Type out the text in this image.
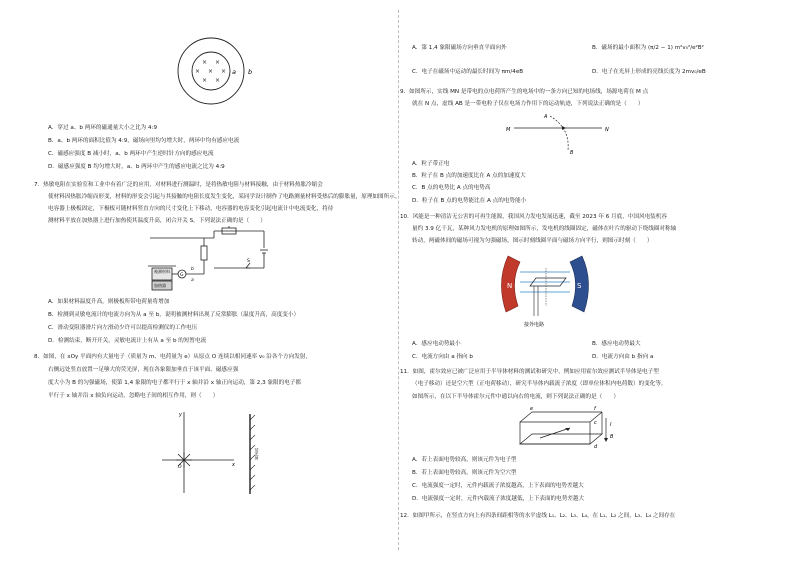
× ×
× × ×
× ×
a b
A．穿过 a、b 两环的磁通量大小之比为 4:9
B．a、b 两环的面积比值为 4:9，磁场向里均匀增大时，两环中均有感应电流
C．磁感应强度 B 减小时，a、b 两环中产生逆时针方向的感应电流
D．磁感应强度 B 均匀增大时，a、b 两环中产生的感应电流之比为 4:9
7．热敏电阻在实验室和工业中有着广泛的应用，对材料进行测温时，是将热敏电阻与材料接触，由于材料热胀冷缩会
使材料因热胀冷缩而形变，材料的形变会引起与其接触的电阻长度发生变化，某同学设计制作了电路测量材料受热后的膨胀量，原理如图所示。
电容器上极板固定，下极板可随材料竖直方向的尺寸变化上下移动，电容器的电容变化引起电流计中电流变化，将待
测材料平放在加热器上进行加热使其温度升高，闭合开关 S，下列说法正确的是（　　）
被测材料
加热器
G
a
b
S
A．如果材料温度升高，则极板所带电荷量将增加
B．检测到灵敏电流计的电流方向为从 a 至 b，说明被测材料出现了反常膨胀（温度升高，高度变小）
C．滑动变阻器滑片向左滑动少许可以提高检测仪的工作电压
D．检测结束，断开开关，灵敏电流计上有从 a 至 b 的短暂电流
8．如图，在 xOy 平面内有大量电子（质量为 m、电荷量为 e）从原点 O 连续以相同速率 v₀ 沿各个方向发射，
右侧远处竖直放置一足够大的荧光屏，现在各象限加垂直于该平面、磁感应强
度大小为 B 的匀强磁场，使第 1,4 象限的电子都平行于 x 轴并沿 x 轴正向运动，第 2,3 象限的电子都
平行于 x 轴并沿 x 轴负向运动，忽略电子间的相互作用，则（　　）
y
x
O
荧光屏
A．第 1,4 象限磁场方向垂直平面向外	B．磁场的最小面积为 (π/2 − 1) m²v₀²/e²B²
C．电子在磁场中运动的最长时间为 πm/4eB	D．电子在光屏上形成的亮线长度为 2mv₀/eB
9．如图所示，实线 MN 是带电的点电荷所产生的电场中的一条方向已知的电场线，场源电荷在 M 点
就在 N 点，虚线 AB 是一带电粒子仅在电场力作用下的运动轨迹，下列说法正确的是（　　）
M	N
A
B
A．粒子带正电
B．粒子在 B 点的加速度比在 A 点的加速度大
C．B 点的电势比 A 点的电势高
D．粒子在 B 点的电势能比在 A 点的电势能小
10．风能是一种清洁无公害的可再生能源，我国风力发电发展迅速，截至 2023 年 6 月底，中国风电装机容
量约 3.9 亿千瓦，某种风力发电机的原理如图所示，发电机的线圈固定，磁体在叶片的驱动下绕线圈对称轴
转动，两磁体间的磁场可视为匀强磁场，图示时刻线圈平面与磁场方向平行，则图示时刻（　　）
N	S
接外电路
A．感应电动势最小	B．感应电动势最大
C．电流方向由 a 指向 b	D．电流方向由 b 指向 a
11．如图，霍尔效应已被广泛应用于半导体材料的测试和研究中，例如应用霍尔效应测试半导体是电子型
（电子移动）还是空穴型（正电荷移动），研究半导体内载流子浓度（即单位体积内电荷数）的变化等。
如图所示，在以下半导体霍尔元件中通以向右的电流，则下列说法正确的是（　　）
e	f
c
d
I
B
A．若上表面电势较高，则该元件为电子型
B．若上表面电势较高，则该元件为空穴型
C．电流强度一定时，元件内载流子浓度越高，上下表面的电势差越大
D．电流强度一定时，元件内载流子浓度越低，上下表面的电势差越大
12．如图甲所示，在竖直方向上有四条间距相等的水平虚线 L₁、L₂、L₃、L₄，在 L₁、L₂ 之间，L₃、L₄ 之间存在
